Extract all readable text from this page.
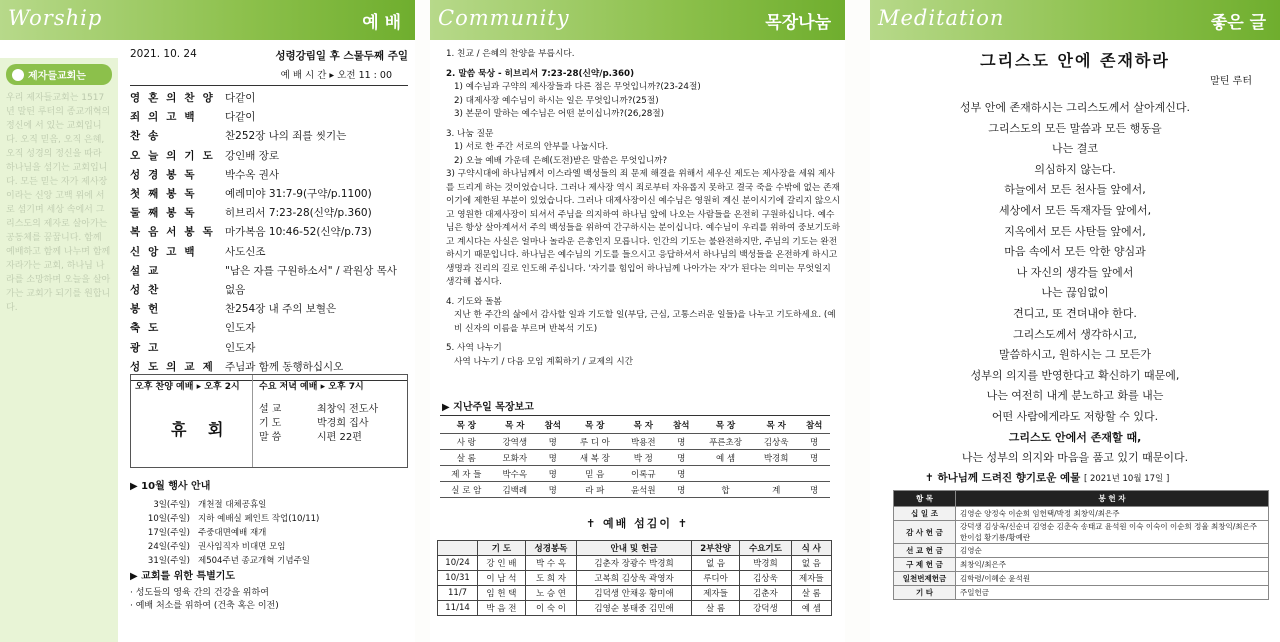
Worship	예 배
제자들교회는
우리 제자들교회는 1517년 말틴 루터의 종교개혁의 정신에 서 있는 교회입니다. 오직 믿음, 오직 은혜, 오직 성경의 정신을 따라 하나님을 섬기는 교회입니다. 모든 믿는 자가 제사장이라는 신앙 고백 위에 서로 섬기며 세상 속에서 그리스도의 제자로 살아가는 공동체를 꿈꿉니다. 함께 예배하고 함께 나누며 함께 자라가는 교회, 하나님 나라를 소망하며 오늘을 살아가는 교회가 되기를 원합니다.
2021. 10. 24	성령강림일 후 스물두째 주일
예 배 시 간 ▸ 오전 11 : 00
영혼의찬양 다같이
죄의고백	다같이
찬송	찬252장 나의 죄를 씻기는
오늘의기도 강인배 장로
성경봉독	박수옥 권사
첫째봉독	예레미야 31:7-9(구약/p.1100)
둘째봉독	히브리서 7:23-28(신약/p.360)
복음서봉독 마가복음 10:46-52(신약/p.73)
신앙고백	사도신조
설교	"남은 자를 구원하소서" / 곽원상 목사
성찬	없음
봉헌	찬254장 내 주의 보혈은
축도	인도자
광고	인도자
성도의교제 주님과 함께 동행하십시오
오후 찬양 예배 ▸ 오후 2시 수요 저녁 예배 ▸ 오후 7시
휴 회
설교	최창익 전도사
기도	박경희 집사
말씀	시편 22편
▶ 10월 행사 안내
3일(주일) 개천절 대체공휴일
10일(주일) 지하 예배실 페인트 작업(10/11)
17일(주일) 주중대면예배 재개
24일(주일) 권사임직자 비대면 모임
31일(주일) 제504주년 종교개혁 기념주일
▶ 교회를 위한 특별기도
· 성도들의 영육 간의 건강을 위하여
· 예배 처소를 위하여 (건축 혹은 이전)
Community	목장나눔
1. 친교 / 은혜의 찬양을 부릅시다.
2. 말씀 묵상 - 히브리서 7:23-28(신약/p.360)
1) 예수님과 구약의 제사장들과 다른 점은 무엇입니까?(23-24절)
2) 대제사장 예수님이 하시는 일은 무엇입니까?(25절)
3) 본문이 말하는 예수님은 어떤 분이십니까?(26,28절)
3. 나눔 질문
1) 서로 한 주간 서로의 안부를 나눕시다.
2) 오늘 예배 가운데 은혜(도전)받은 말씀은 무엇입니까?
3) 구약시대에 하나님께서 이스라엘 백성들의 죄 문제 해결을 위해서 세우신 제도는 제사장을 세워 제사를 드리게 하는 것이었습니다. 그러나 제사장 역시 죄로부터 자유롭지 못하고 결국 죽을 수밖에 없는 존재이기에 제한된 부분이 있었습니다. 그러나 대제사장이신 예수님은 영원히 계신 분이시기에 갈리지 않으시고 영원한 대제사장이 되셔서 주님을 의지하여 하나님 앞에 나오는 사람들을 온전히 구원하십니다. 예수님은 항상 살아계셔서 주의 백성들을 위하여 간구하시는 분이십니다. 예수님이 우리를 위하여 중보기도하고 계시다는 사실은 얼마나 놀라운 은총인지 모릅니다. 인간의 기도는 불완전하지만, 주님의 기도는 완전하시기 때문입니다. 하나님은 예수님의 기도를 들으시고 응답하셔서 하나님의 백성들을 온전하게 하시고 생명과 진리의 길로 인도해 주십니다. '자기를 힘입어 하나님께 나아가는 자'가 된다는 의미는 무엇일지 생각해 봅시다.
4. 기도와 돌봄
지난 한 주간의 삶에서 감사할 일과 기도할 일(부담, 근심, 고통스러운 일들)을 나누고 기도하세요. (예비 신자의 이름을 부르며 반복석 기도)
5. 사역 나누기
사역 나누기 / 다음 모임 계획하기 / 교제의 시간
▶ 지난주일 목장보고
목 장	목 자	참석	목 장	목 자	참석	목 장	목 자	참석
사 랑	강역생	명	루 디 아	박용전	명	푸른초장	김상욱	명
살 롬	모화자	명	새 복 장	박 정	명	예 셈	박경희	명
제 자 들	박수옥	명	믿 음	이록규	명			
실 로 암	김백례	명	라 파	윤석원	명	합	계	명
✝ 예배 섬김이 ✝
	기 도	성경봉독	안내 및 헌금	2부찬양	수요기도	식 사
10/24	강 인 배	박 수 옥	김춘자 장광수 박경희	없 음	박경희	없 음
10/31	이 남 석	도 희 자	고복희 김상욱 곽영자	루디아	김상욱	제자들
11/7	임 헌 택	노 승 연	김덕생 안채옹 황미애	제자들	김춘자	살 롬
11/14	박 음 전	이 숙 이	김영순 봉태중 김민애	살 롬	강덕생	예 셈
Meditation	좋은 글
그리스도 안에 존재하라
말틴 루터
성부 안에 존재하시는 그리스도께서 살아계신다.
그리스도의 모든 말씀과 모든 행동을
나는 결코
의심하지 않는다.
하늘에서 모든 천사들 앞에서,
세상에서 모든 독재자들 앞에서,
지옥에서 모든 사탄들 앞에서,
마음 속에서 모든 악한 양심과
나 자신의 생각들 앞에서
나는 끊임없이
견디고, 또 견뎌내야 한다.
그리스도께서 생각하시고,
말씀하시고, 원하시는 그 모든가
성부의 의지를 반영한다고 확신하기 때문에,
나는 여전히 내게 분노하고 화를 내는
어떤 사람에게라도 저항할 수 있다.
그리스도 안에서 존재할 때,
나는 성부의 의지와 마음을 품고 있기 때문이다.
✝ 하나님께 드려진 향기로운 예물 [ 2021년 10월 17일 ]
항 목	봉 헌 자
십 일 조	김영순 양정숙 이순희 임헌택/박정 최창익/최은주
감 사 헌 금	강덕생 김상옥/신순녀 김영순 김춘숙 송태교 윤석원 이숙 이숙이 이순희 정율 최창익/최은주 한이섭 황기룡/황예란
선 교 헌 금	김영순
구 제 헌 금	최창익/최은주
일천번제헌금	김학령/이혜순 윤석원
기 타	주일헌금
